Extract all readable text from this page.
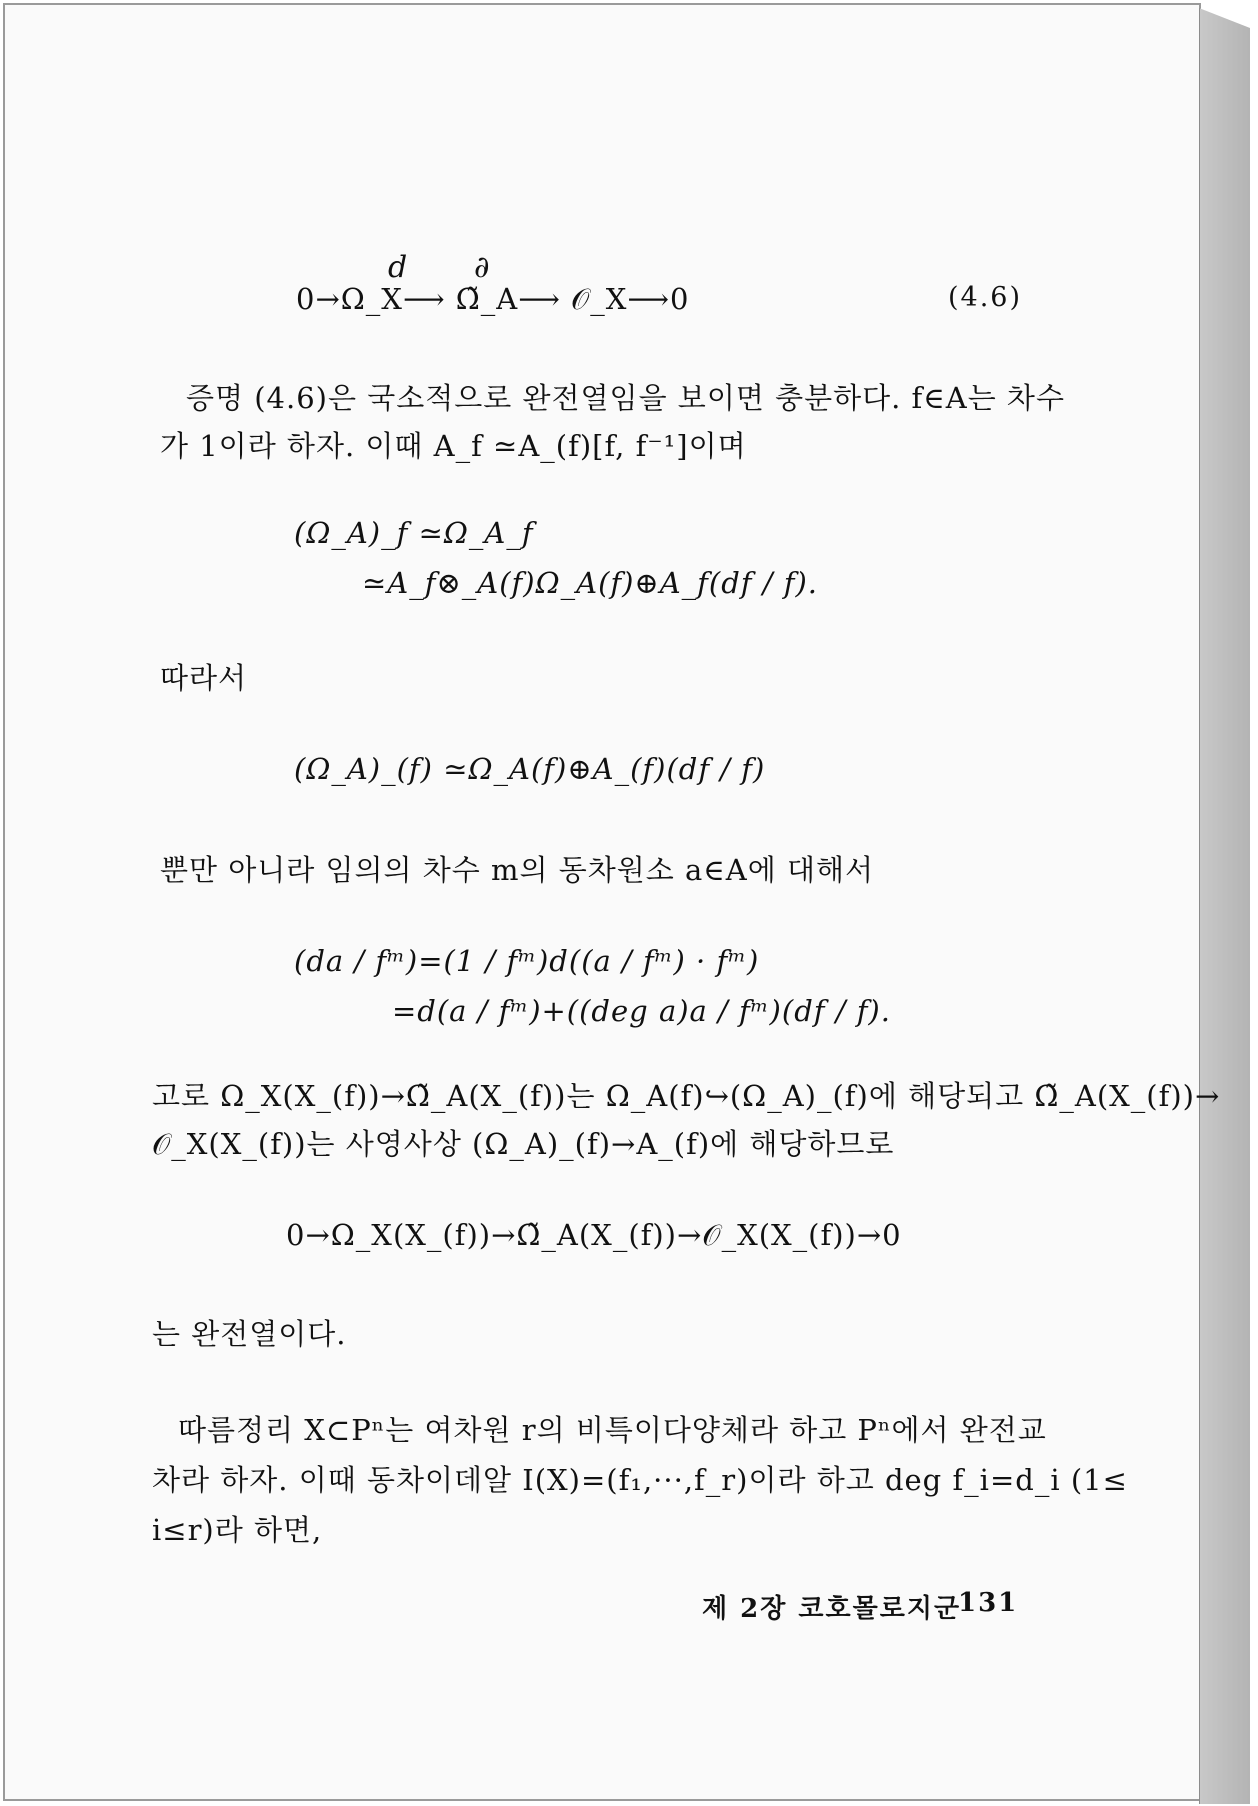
d ∂
0→Ω_X⟶ Ω̃_A⟶ 𝒪_X⟶0	(4.6)
증명 (4.6)은 국소적으로 완전열임을 보이면 충분하다. f∈A는 차수
가 1이라 하자. 이때 A_f ≃A_(f)[f, f⁻¹]이며
(Ω_A)_f ≃Ω_A_f
≃A_f⊗_A(f)Ω_A(f)⊕A_f(df / f).
따라서
(Ω_A)_(f) ≃Ω_A(f)⊕A_(f)(df / f)
뿐만 아니라 임의의 차수 m의 동차원소 a∈A에 대해서
(da / fᵐ)=(1 / fᵐ)d((a / fᵐ) · fᵐ)
=d(a / fᵐ)+((deg a)a / fᵐ)(df / f).
고로 Ω_X(X_(f))→Ω̃_A(X_(f))는 Ω_A(f)↪(Ω_A)_(f)에 해당되고 Ω̃_A(X_(f))→
𝒪_X(X_(f))는 사영사상 (Ω_A)_(f)→A_(f)에 해당하므로
0→Ω_X(X_(f))→Ω̃_A(X_(f))→𝒪_X(X_(f))→0
는 완전열이다.
따름정리 X⊂Pⁿ는 여차원 r의 비특이다양체라 하고 Pⁿ에서 완전교
차라 하자. 이때 동차이데알 I(X)=(f₁,···,f_r)이라 하고 deg f_i=d_i (1≤
i≤r)라 하면,
제 2장 코호몰로지군
131
